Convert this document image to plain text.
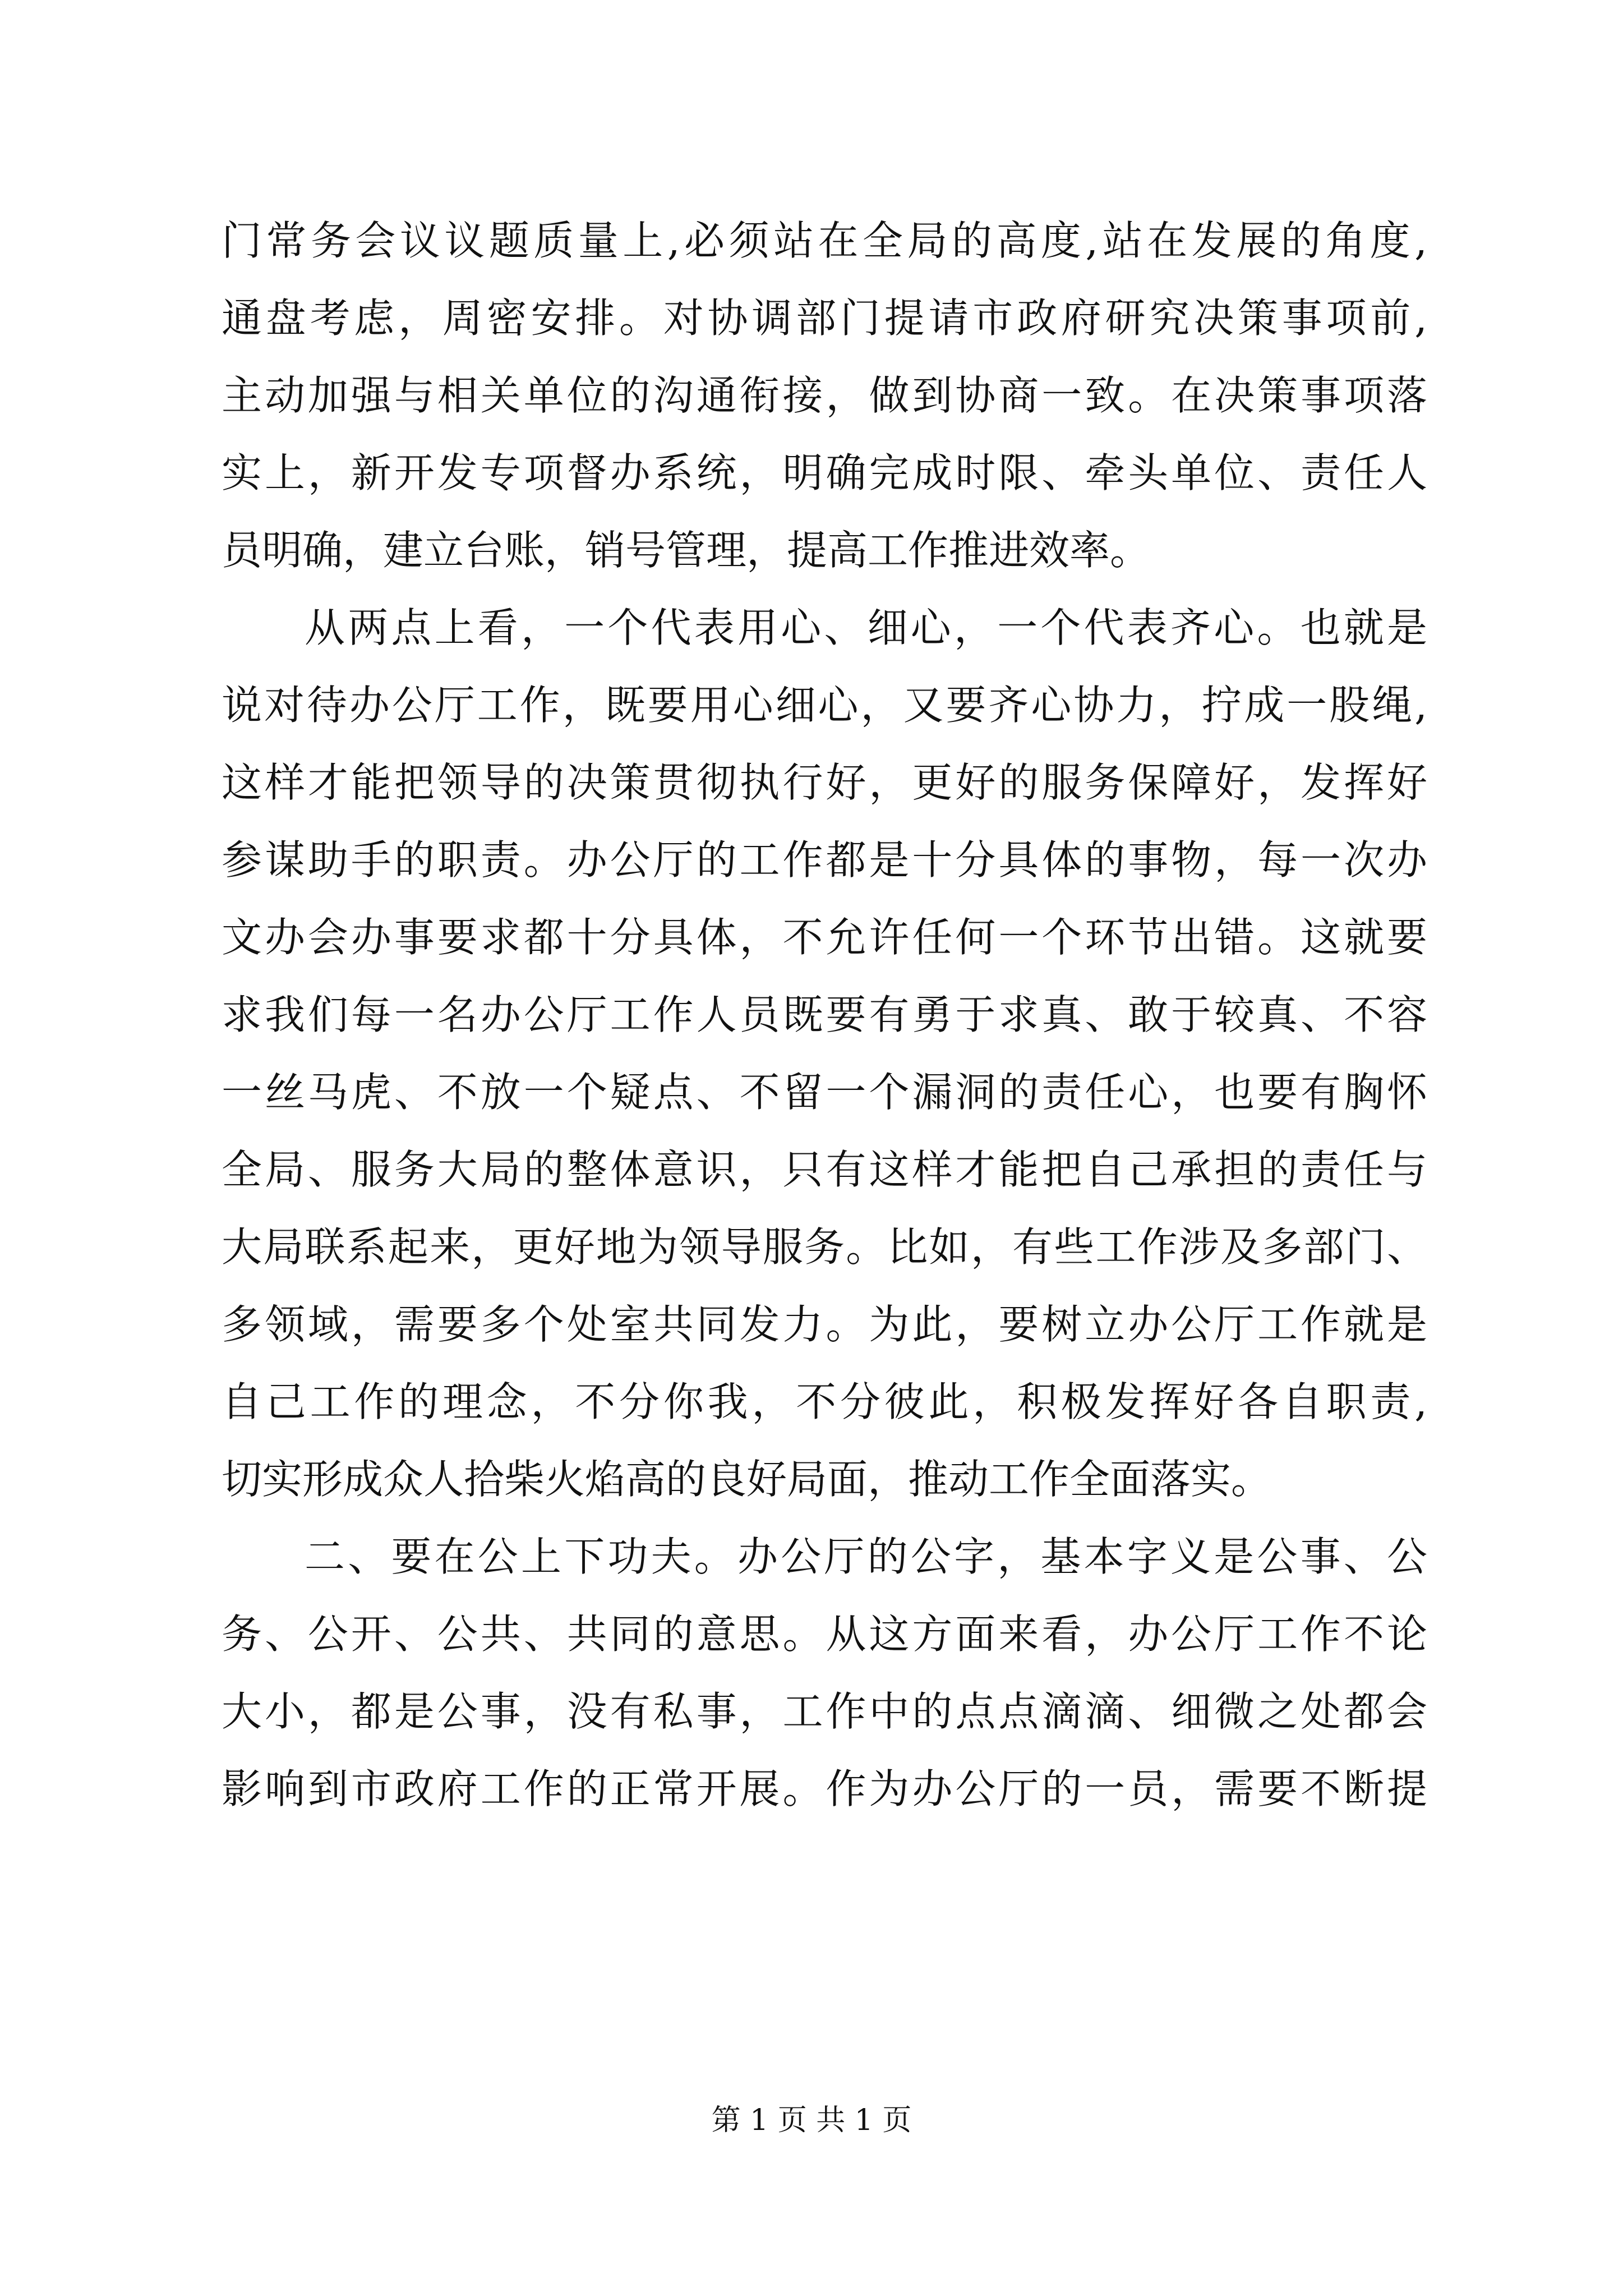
门常务会议议题质量上,必须站在全局的高度,站在发展的角度,
通盘考虑，周密安排。对协调部门提请市政府研究决策事项前,
主动加强与相关单位的沟通衔接，做到协商一致。在决策事项落
实上，新开发专项督办系统，明确完成时限、牵头单位、责任人
员明确，建立台账，销号管理，提高工作推进效率。
从两点上看，一个代表用心、细心，一个代表齐心。也就是
说对待办公厅工作，既要用心细心，又要齐心协力，拧成一股绳,
这样才能把领导的决策贯彻执行好，更好的服务保障好，发挥好
参谋助手的职责。办公厅的工作都是十分具体的事物，每一次办
文办会办事要求都十分具体，不允许任何一个环节出错。这就要
求我们每一名办公厅工作人员既要有勇于求真、敢于较真、不容
一丝马虎、不放一个疑点、不留一个漏洞的责任心，也要有胸怀
全局、服务大局的整体意识，只有这样才能把自己承担的责任与
大局联系起来，更好地为领导服务。比如，有些工作涉及多部门、
多领域，需要多个处室共同发力。为此，要树立办公厅工作就是
自己工作的理念，不分你我，不分彼此，积极发挥好各自职责,
切实形成众人拾柴火焰高的良好局面，推动工作全面落实。
二、要在公上下功夫。办公厅的公字，基本字义是公事、公
务、公开、公共、共同的意思。从这方面来看，办公厅工作不论
大小，都是公事，没有私事，工作中的点点滴滴、细微之处都会
影响到市政府工作的正常开展。作为办公厅的一员，需要不断提
第 1 页 共 1 页
